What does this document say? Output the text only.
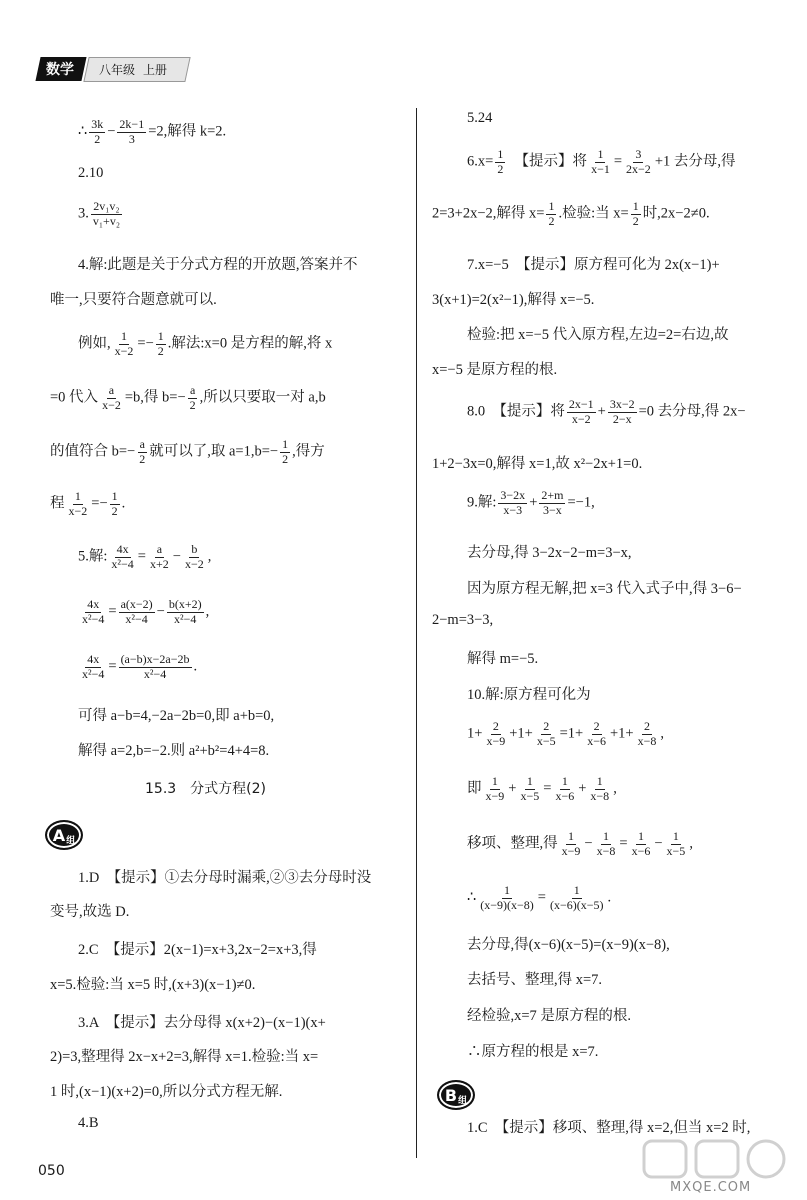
数学	八年级 上册
∴ $\frac{3k}{2} - \frac{2k-1}{3} =2$,解得 k=2.
2.10
3. $\frac{\text{2v₁v₂}}{\text{v₁+v₂}}$
4.解:此题是关于分式方程的开放题,答案并不
唯一,只要符合题意就可以.
例如, $\frac{1}{x-2} =- \frac{1}{2}$ .解法:x=0 是方程的解,将 x
=0 代入 $\frac{a}{x-2} =b$,得 $b=- \frac{a}{2}$ ,所以只要取一对 a,b
的值符合 $b=- \frac{a}{2}$ 就可以了,取 $a=1,b=- \frac{1}{2}$ ,得方
程 $\frac{1}{x-2} =- \frac{1}{2}$ .
5.解: $\frac{4x}{\text{x²−4}} = \frac{a}{x+2} - \frac{b}{x-2}$ ,
$\frac{4x}{\text{x²−4}} = \frac{a(x-2)}{\text{x²−4}} - \frac{b(x+2)}{\text{x²−4}}$ ,
$\frac{4x}{\text{x²−4}} = \frac{(a-b)x-2a-2b}{\text{x²−4}}$ .
可得 a−b=4,−2a−2b=0,即 a+b=0,
解得 a=2,b=−2.则 a²+b²=4+4=8.
15.3　分式方程(2)
A 组
1.D　【提示】①去分母时漏乘,②③去分母时没
变号,故选 D.
2.C　【提示】2(x−1)=x+3,2x−2=x+3,得
x=5.检验:当 x=5 时,(x+3)(x−1)≠0.
3.A　【提示】去分母得 x(x+2)−(x−1)(x+
2)=3,整理得 2x−x+2=3,解得 x=1.检验:当 x=
1 时,(x−1)(x+2)=0,所以分式方程无解.
4.B
5.24
$6.x= \frac{1}{2}$ 　【提示】将 $\frac{1}{x-1} = \frac{3}{2x-2} +1$ 去分母,得
2=3+2x−2,解得 $x= \frac{1}{2}$ .检验:当 $x= \frac{1}{2}$ 时,2x−2≠0.
7.x=−5　【提示】原方程可化为 2x(x−1)+
3(x+1)=2(x²−1),解得 x=−5.
检验:把 x=−5 代入原方程,左边=2=右边,故
x=−5 是原方程的根.
8.0　【提示】将 $\frac{2x-1}{x-2} + \frac{3x-2}{2-x} =0$ 去分母,得 2x−
1+2−3x=0,解得 x=1,故 x²−2x+1=0.
9.解: $\frac{3-2x}{x-3} + \frac{2+m}{3-x} =-1$,
去分母,得 3−2x−2−m=3−x,
因为原方程无解,把 x=3 代入式子中,得 3−6−
2−m=3−3,
解得 m=−5.
10.解:原方程可化为
$1+ \frac{2}{x-9} +1+ \frac{2}{x-5} =1+ \frac{2}{x-6} +1+ \frac{2}{x-8}$ ,
即 $\frac{1}{x-9} + \frac{1}{x-5} = \frac{1}{x-6} + \frac{1}{x-8}$ ,
移项、整理,得 $\frac{1}{x-9} - \frac{1}{x-8} = \frac{1}{x-6} - \frac{1}{x-5}$ ,
∴ $\frac{1}{(x-9)(x-8)} = \frac{1}{(x-6)(x-5)}$ .
去分母,得(x−6)(x−5)=(x−9)(x−8),
去括号、整理,得 x=7.
经检验,x=7 是原方程的根.
∴原方程的根是 x=7.
B 组
1.C　【提示】移项、整理,得 x=2,但当 x=2 时,
050
MXQE.COM
